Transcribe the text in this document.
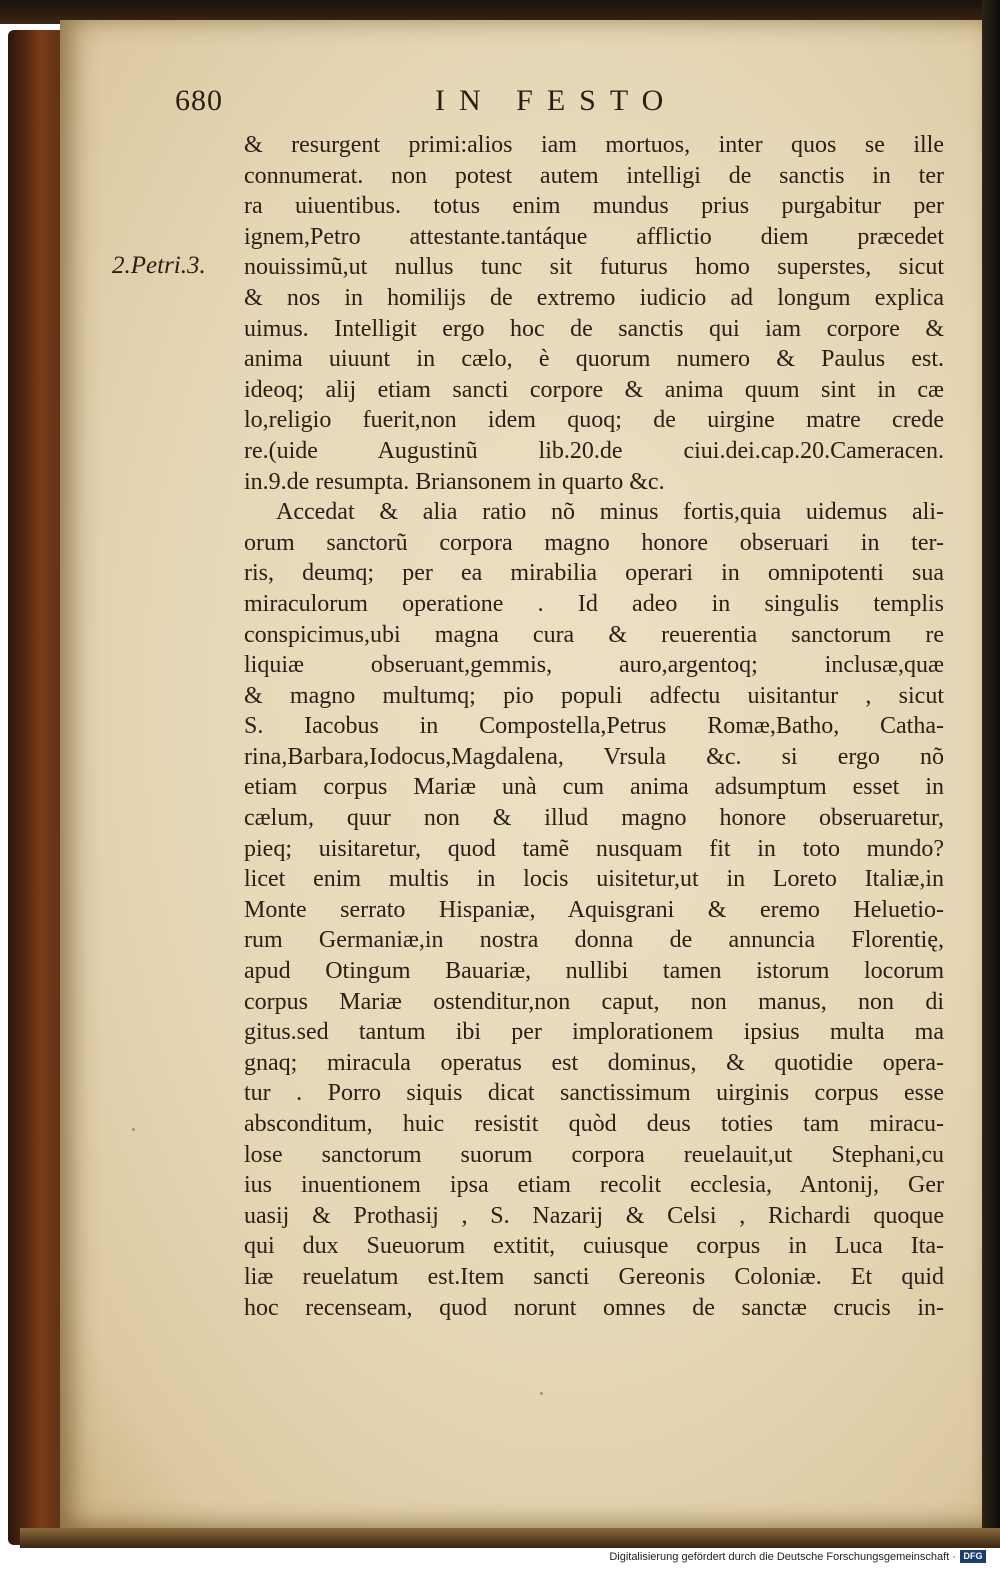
680	IN FESTO
2.Petri.3.
& resurgent primi:alios iam mortuos, inter quos se ille
connumerat. non potest autem intelligi de sanctis in ter
ra uiuentibus. totus enim mundus prius purgabitur per
ignem,Petro attestante.tantáque afflictio diem præcedet
nouissimũ,ut nullus tunc sit futurus homo superstes, sicut
& nos in homilijs de extremo iudicio ad longum explica
uimus. Intelligit ergo hoc de sanctis qui iam corpore &
anima uiuunt in cælo, è quorum numero & Paulus est.
ideoq; alij etiam sancti corpore & anima quum sint in cæ
lo,religio fuerit,non idem quoq; de uirgine matre crede
re.(uide Augustinũ lib.20.de ciui.dei.cap.20.Cameracen.
in.9.de resumpta. Briansonem in quarto &c.
Accedat & alia ratio nõ minus fortis,quia uidemus ali-
orum sanctorũ corpora magno honore obseruari in ter-
ris, deumq; per ea mirabilia operari in omnipotenti sua
miraculorum operatione . Id adeo in singulis templis
conspicimus,ubi magna cura & reuerentia sanctorum re
liquiæ obseruant,gemmis, auro,argentoq; inclusæ,quæ
& magno multumq; pio populi adfectu uisitantur , sicut
S. Iacobus in Compostella,Petrus Romæ,Batho, Catha-
rina,Barbara,Iodocus,Magdalena, Vrsula &c. si ergo nõ
etiam corpus Mariæ unà cum anima adsumptum esset in
cælum, quur non & illud magno honore obseruaretur,
pieq; uisitaretur, quod tamẽ nusquam fit in toto mundo?
licet enim multis in locis uisitetur,ut in Loreto Italiæ,in
Monte serrato Hispaniæ, Aquisgrani & eremo Heluetio-
rum Germaniæ,in nostra donna de annuncia Florentię,
apud Otingum Bauariæ, nullibi tamen istorum locorum
corpus Mariæ ostenditur,non caput, non manus, non di
gitus.sed tantum ibi per implorationem ipsius multa ma
gnaq; miracula operatus est dominus, & quotidie opera-
tur . Porro siquis dicat sanctissimum uirginis corpus esse
absconditum, huic resistit quòd deus toties tam miracu-
lose sanctorum suorum corpora reuelauit,ut Stephani,cu
ius inuentionem ipsa etiam recolit ecclesia, Antonij, Ger
uasij & Prothasij , S. Nazarij & Celsi , Richardi quoque
qui dux Sueuorum extitit, cuiusque corpus in Luca Ita-
liæ reuelatum est.Item sancti Gereonis Coloniæ. Et quid
hoc recenseam, quod norunt omnes de sanctæ crucis in-
Digitalisierung gefördert durch die Deutsche Forschungsgemeinschaft · DFG
